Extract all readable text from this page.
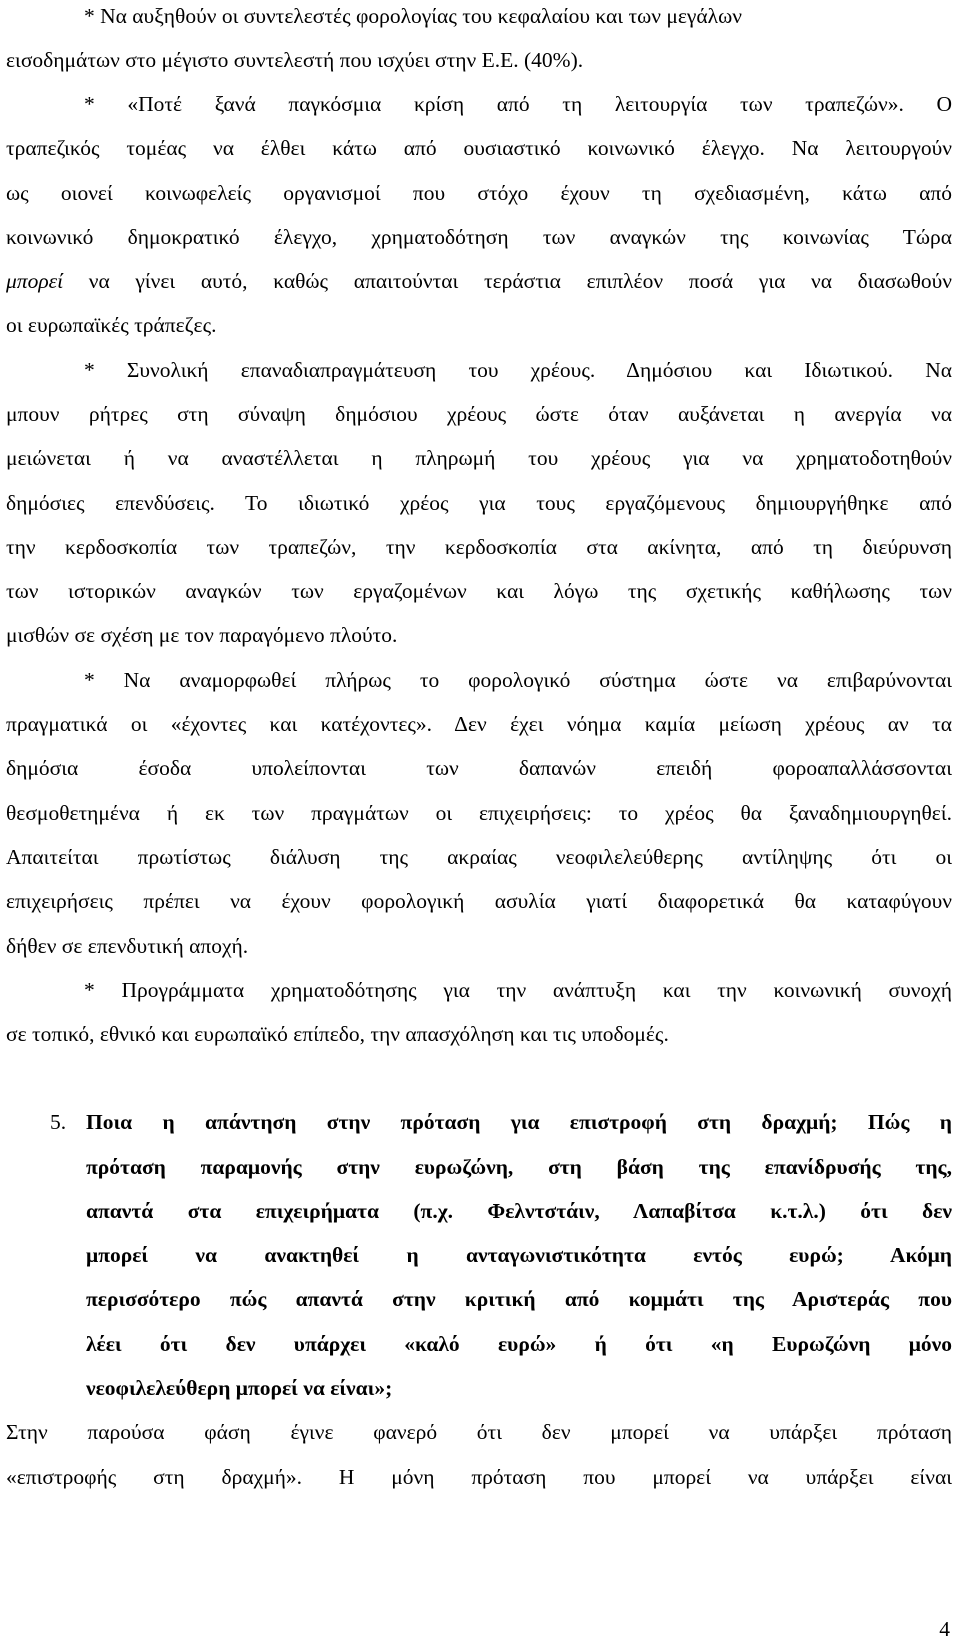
* Να αυξηθούν οι συντελεστές φορολογίας του κεφαλαίου και των μεγάλων
εισοδημάτων στο μέγιστο συντελεστή που ισχύει στην Ε.Ε. (40%).
* «Ποτέ ξανά παγκόσμια κρίση από τη λειτουργία των τραπεζών». Ο
τραπεζικός τομέας να έλθει κάτω από ουσιαστικό κοινωνικό έλεγχο. Να λειτουργούν
ως οιονεί κοινωφελείς οργανισμοί που στόχο έχουν τη σχεδιασμένη, κάτω από
κοινωνικό δημοκρατικό έλεγχο, χρηματοδότηση των αναγκών της κοινωνίας Τώρα
μπορεί να γίνει αυτό, καθώς απαιτούνται τεράστια επιπλέον ποσά για να διασωθούν
οι ευρωπαϊκές τράπεζες.
* Συνολική επαναδιαπραγμάτευση του χρέους. Δημόσιου και Ιδιωτικού. Να
μπουν ρήτρες στη σύναψη δημόσιου χρέους ώστε όταν αυξάνεται η ανεργία να
μειώνεται ή να αναστέλλεται η πληρωμή του χρέους για να χρηματοδοτηθούν
δημόσιες επενδύσεις. Το ιδιωτικό χρέος για τους εργαζόμενους δημιουργήθηκε από
την κερδοσκοπία των τραπεζών, την κερδοσκοπία στα ακίνητα, από τη διεύρυνση
των ιστορικών αναγκών των εργαζομένων και λόγω της σχετικής καθήλωσης των
μισθών σε σχέση με τον παραγόμενο πλούτο.
* Να αναμορφωθεί πλήρως το φορολογικό σύστημα ώστε να επιβαρύνονται
πραγματικά οι «έχοντες και κατέχοντες». Δεν έχει νόημα καμία μείωση χρέους αν τα
δημόσια έσοδα υπολείπονται των δαπανών επειδή φοροαπαλλάσσονται
θεσμοθετημένα ή εκ των πραγμάτων οι επιχειρήσεις: το χρέος θα ξαναδημιουργηθεί.
Απαιτείται πρωτίστως διάλυση της ακραίας νεοφιλελεύθερης αντίληψης ότι οι
επιχειρήσεις πρέπει να έχουν φορολογική ασυλία γιατί διαφορετικά θα καταφύγουν
δήθεν σε επενδυτική αποχή.
* Προγράμματα χρηματοδότησης για την ανάπτυξη και την κοινωνική συνοχή
σε τοπικό, εθνικό και ευρωπαϊκό επίπεδο, την απασχόληση και τις υποδομές.
5. Ποια η απάντηση στην πρόταση για επιστροφή στη δραχμή; Πώς η
πρόταση παραμονής στην ευρωζώνη, στη βάση της επανίδρυσής της,
απαντά στα επιχειρήματα (π.χ. Φελντστάιν, Λαπαβίτσα κ.τ.λ.) ότι δεν
μπορεί να ανακτηθεί η ανταγωνιστικότητα εντός ευρώ; Ακόμη
περισσότερο πώς απαντά στην κριτική από κομμάτι της Αριστεράς που
λέει ότι δεν υπάρχει «καλό ευρώ» ή ότι «η Ευρωζώνη μόνο
νεοφιλελεύθερη μπορεί να είναι»;
Στην παρούσα φάση έγινε φανερό ότι δεν μπορεί να υπάρξει πρόταση
«επιστροφής στη δραχμή». Η μόνη πρόταση που μπορεί να υπάρξει είναι
4
